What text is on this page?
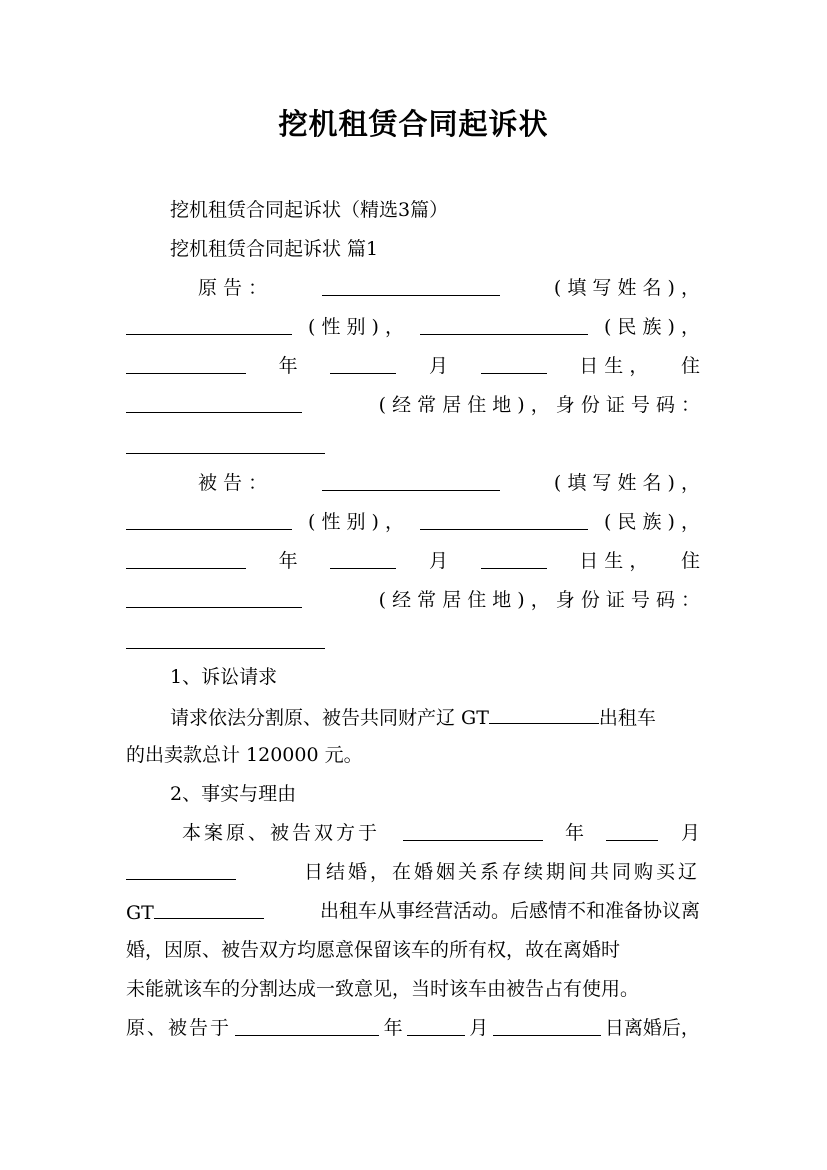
挖机租赁合同起诉状
挖机租赁合同起诉状（精选3篇）
挖机租赁合同起诉状 篇1
原 告 ：	( 填 写 姓 名 ) ，
( 性 别 ) ，	( 民 族 ) ，
年	月	日 生 ， 住
( 经 常 居 住 地 ) ， 身 份 证 号 码 ：
被 告 ：	( 填 写 姓 名 ) ，
( 性 别 ) ，	( 民 族 ) ，
年	月	日 生 ， 住
( 经 常 居 住 地 ) ， 身 份 证 号 码 ：
1、诉讼请求
请求依法分割原、被告共同财产辽 GT	出租车
的出卖款总计 120000 元。
2、事实与理由
本案原、被告双方于	年	月
日结婚，在婚姻关系存续期间共同购买辽
GT	出租车从事经营活动。后感情不和准备协议离
婚，因原、被告双方均愿意保留该车的所有权，故在离婚时
未能就该车的分割达成一致意见，当时该车由被告占有使用。
原、被告于	年	月	日离婚后，
